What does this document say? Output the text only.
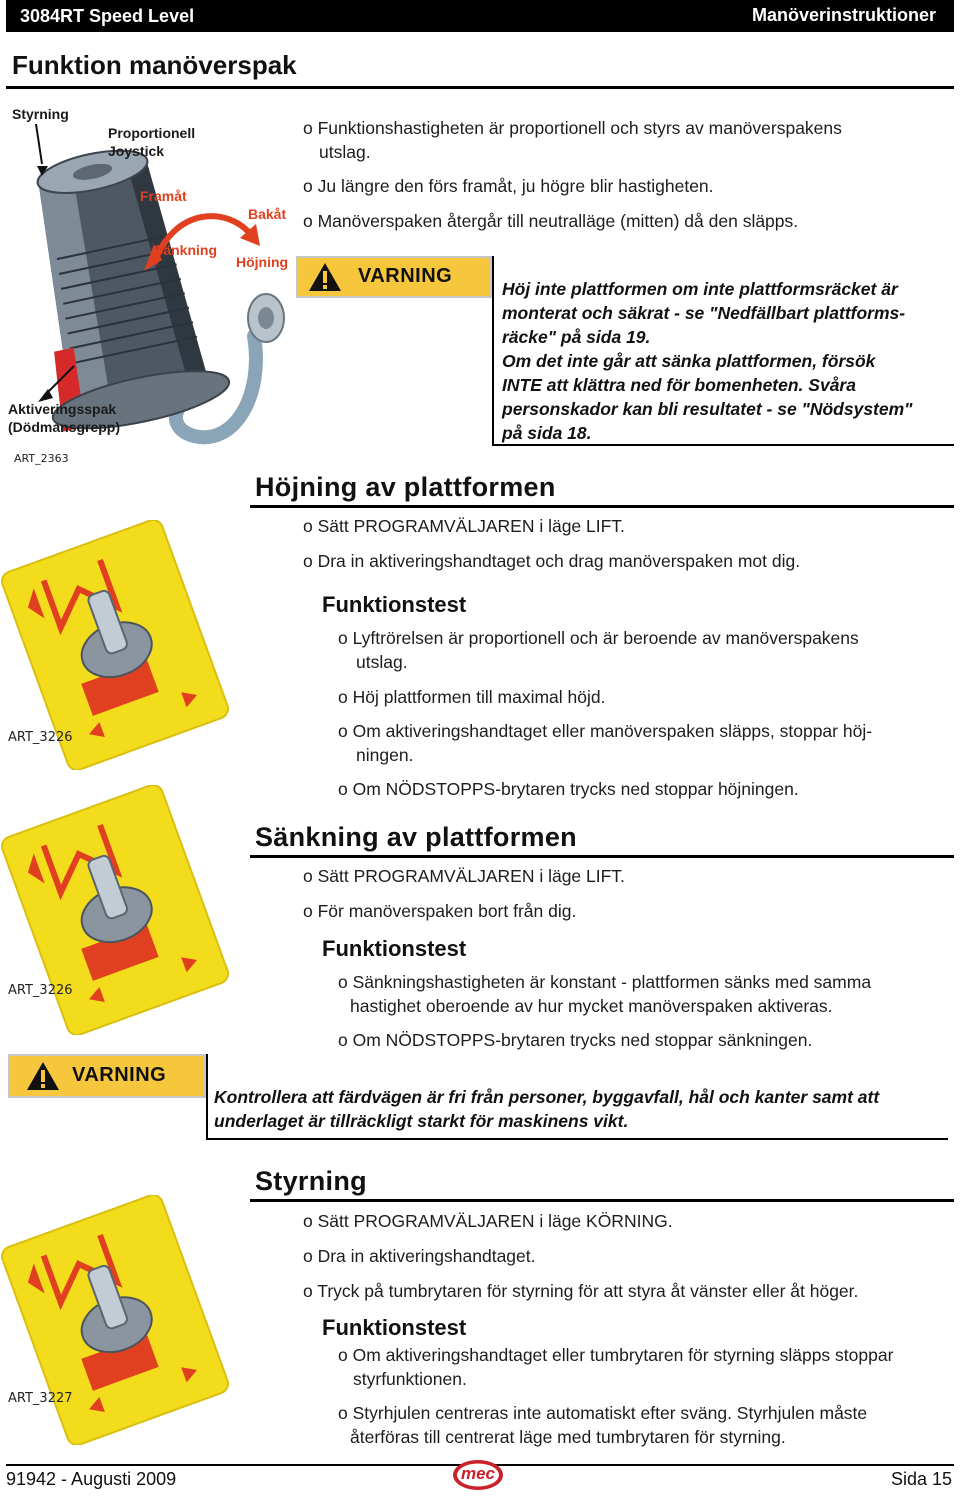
3084RT Speed Level	Manöverinstruktioner
Funktion manöverspak
Styrning
Proportionell
Joystick
Framåt
Bakåt
Sänkning
Höjning
Aktiveringsspak
(Dödmansgrepp)
ART_2363
o Funktionshastigheten är proportionell och styrs av manöverspakens
utslag.
o Ju längre den förs framåt, ju högre blir hastigheten.
o Manöverspaken återgår till neutralläge (mitten) då den släpps.
VARNING
Höj inte plattformen om inte plattformsräcket är
monterat och säkrat - se "Nedfällbart plattforms-
räcke" på sida 19.
Om det inte går att sänka plattformen, försök
INTE att klättra ned för bomenheten. Svåra
personskador kan bli resultatet - se "Nödsystem"
på sida 18.
Höjning av plattformen
o Sätt PROGRAMVÄLJAREN i läge LIFT.
o Dra in aktiveringshandtaget och drag manöverspaken mot dig.
Funktionstest
o Lyftrörelsen är proportionell och är beroende av manöverspakens
utslag.
o Höj plattformen till maximal höjd.
o Om aktiveringshandtaget eller manöverspaken släpps, stoppar höj-
ningen.
o Om NÖDSTOPPS-brytaren trycks ned stoppar höjningen.
ART_3226
Sänkning av plattformen
o Sätt PROGRAMVÄLJAREN i läge LIFT.
o För manöverspaken bort från dig.
Funktionstest
o Sänkningshastigheten är konstant - plattformen sänks med samma
hastighet oberoende av hur mycket manöverspaken aktiveras.
o Om NÖDSTOPPS-brytaren trycks ned stoppar sänkningen.
ART_3226
VARNING
Kontrollera att färdvägen är fri från personer, byggavfall, hål och kanter samt att
underlaget är tillräckligt starkt för maskinens vikt.
Styrning
o Sätt PROGRAMVÄLJAREN i läge KÖRNING.
o Dra in aktiveringshandtaget.
o Tryck på tumbrytaren för styrning för att styra åt vänster eller åt höger.
Funktionstest
o Om aktiveringshandtaget eller tumbrytaren för styrning släpps stoppar
styrfunktionen.
o Styrhjulen centreras inte automatiskt efter sväng. Styrhjulen måste
återföras till centrerat läge med tumbrytaren för styrning.
ART_3227
91942 - Augusti 2009	mec	Sida 15
